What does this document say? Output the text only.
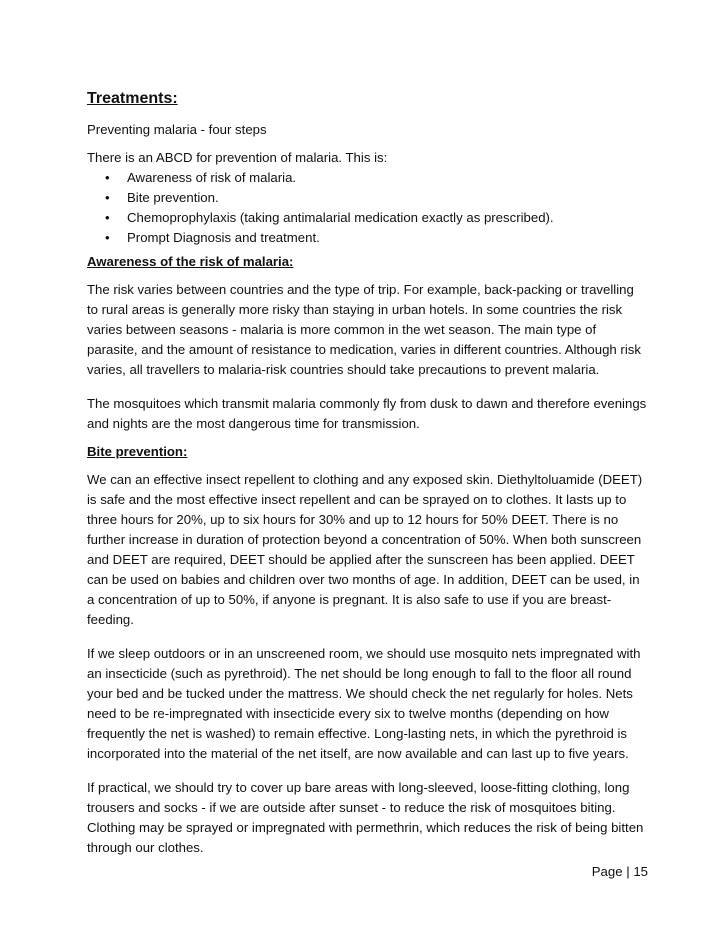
Treatments:

Preventing malaria - four steps

There is an ABCD for prevention of malaria. This is:

• Awareness of risk of malaria.
• Bite prevention.
• Chemoprophylaxis (taking antimalarial medication exactly as prescribed).
• Prompt Diagnosis and treatment.
Awareness of the risk of malaria:

The risk varies between countries and the type of trip. For example, back-packing or travelling to rural areas is generally more risky than staying in urban hotels. In some countries the risk varies between seasons - malaria is more common in the wet season. The main type of parasite, and the amount of resistance to medication, varies in different countries. Although risk varies, all travellers to malaria-risk countries should take precautions to prevent malaria.

The mosquitoes which transmit malaria commonly fly from dusk to dawn and therefore evenings and nights are the most dangerous time for transmission.

Bite prevention:

We can an effective insect repellent to clothing and any exposed skin. Diethyltoluamide (DEET) is safe and the most effective insect repellent and can be sprayed on to clothes. It lasts up to three hours for 20%, up to six hours for 30% and up to 12 hours for 50% DEET. There is no further increase in duration of protection beyond a concentration of 50%. When both sunscreen and DEET are required, DEET should be applied after the sunscreen has been applied. DEET can be used on babies and children over two months of age. In addition, DEET can be used, in a concentration of up to 50%, if anyone is pregnant. It is also safe to use if you are breast-feeding.

If we sleep outdoors or in an unscreened room, we should use mosquito nets impregnated with an insecticide (such as pyrethroid). The net should be long enough to fall to the floor all round your bed and be tucked under the mattress. We should check the net regularly for holes. Nets need to be re-impregnated with insecticide every six to twelve months (depending on how frequently the net is washed) to remain effective. Long-lasting nets, in which the pyrethroid is incorporated into the material of the net itself, are now available and can last up to five years.

If practical, we should try to cover up bare areas with long-sleeved, loose-fitting clothing, long trousers and socks - if we are outside after sunset - to reduce the risk of mosquitoes biting. Clothing may be sprayed or impregnated with permethrin, which reduces the risk of being bitten through our clothes.

Page | 15
